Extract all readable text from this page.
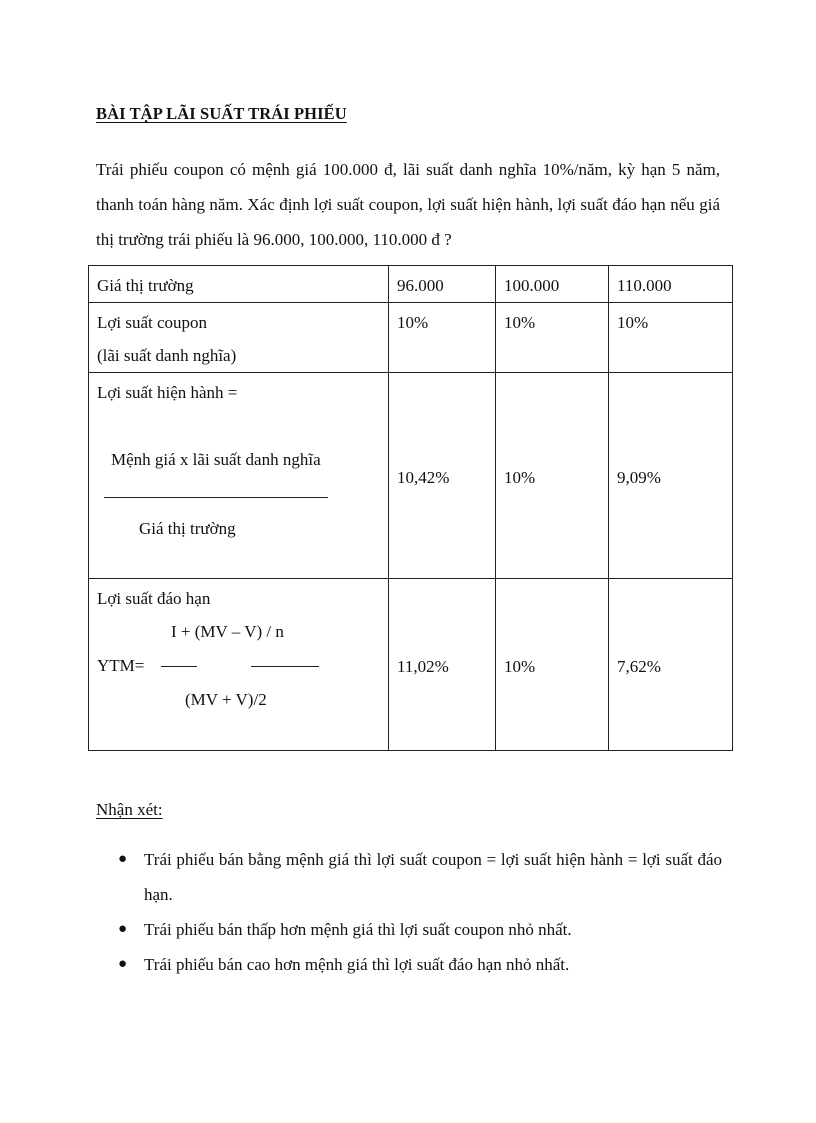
BÀI TẬP LÃI SUẤT TRÁI PHIẾU

Trái phiếu coupon có mệnh giá 100.000 đ, lãi suất danh nghĩa 10%/năm, kỳ hạn 5 năm, thanh toán hàng năm. Xác định lợi suất coupon, lợi suất hiện hành, lợi suất đáo hạn nếu giá thị trường trái phiếu là 96.000, 100.000, 110.000 đ ?

Giá thị trường	96.000	100.000	110.000

Lợi suất coupon
(lãi suất danh nghĩa)	10%	10%	10%

Lợi suất hiện hành =
Mệnh giá x lãi suất danh nghĩa
Giá thị trường	10,42%	10%	9,09%

Lợi suất đáo hạn
I + (MV – V) / n
YTM=
(MV + V)/2	11,02%	10%	7,62%
Nhận xét:
● Trái phiếu bán bằng mệnh giá thì lợi suất coupon = lợi suất hiện hành = lợi suất đáo hạn.
● Trái phiếu bán thấp hơn mệnh giá thì lợi suất coupon nhỏ nhất.
● Trái phiếu bán cao hơn mệnh giá thì lợi suất đáo hạn nhỏ nhất.
